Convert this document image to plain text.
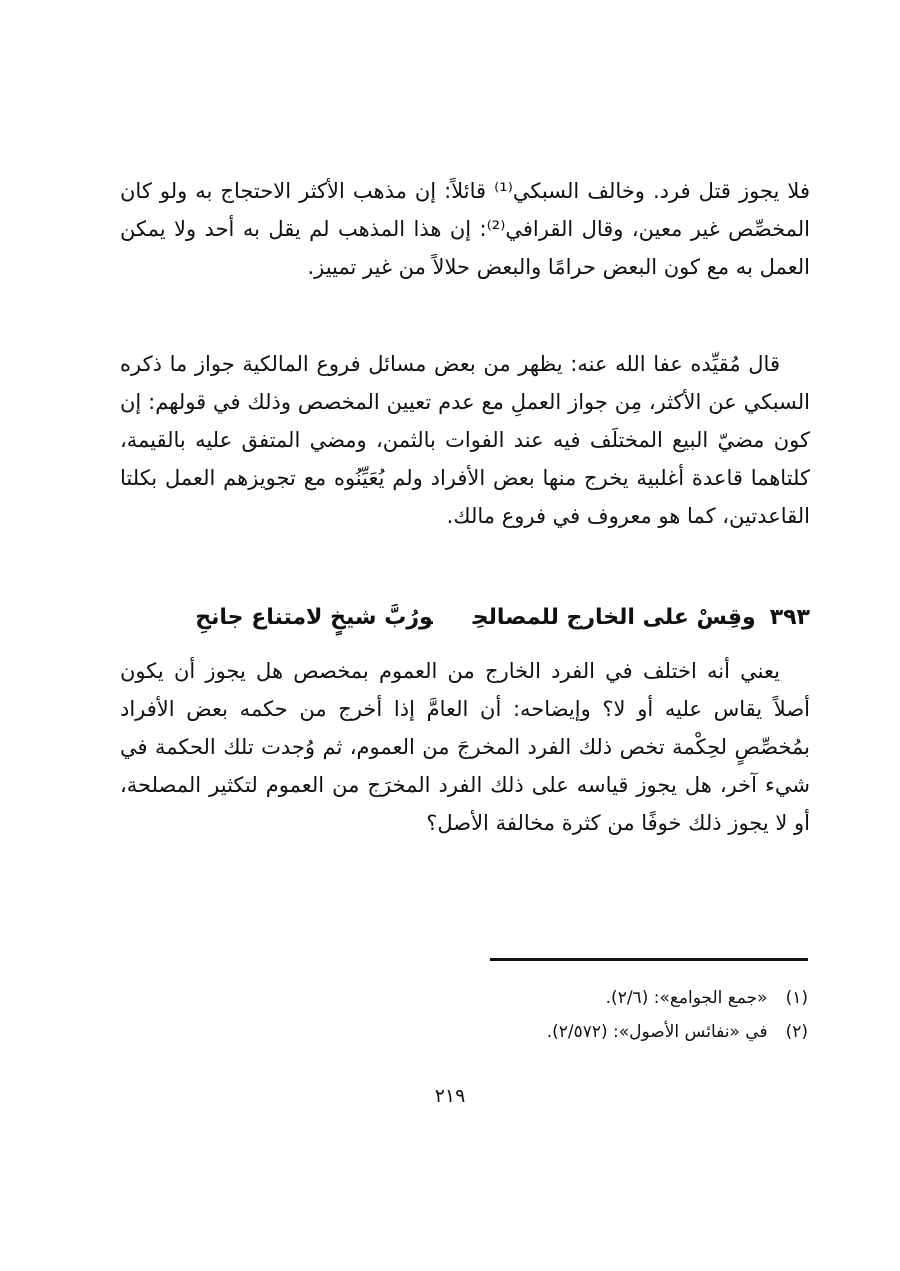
فلا يجوز قتل فرد. وخالف السبكي⁽¹⁾ قائلاً: إن مذهب الأكثر الاحتجاج به ولو كان المخصِّص غير معين، وقال القرافي⁽²⁾: إن هذا المذهب لم يقل به أحد ولا يمكن العمل به مع كون البعض حرامًا والبعض حلالاً من غير تمييز.
قال مُقيِّده عفا الله عنه: يظهر من بعض مسائل فروع المالكية جواز ما ذكره السبكي عن الأكثر، مِن جواز العملِ مع عدم تعيين المخصص وذلك في قولهم: إن كون مضيّ البيع المختلَف فيه عند الفوات بالثمن، ومضي المتفق عليه بالقيمة، كلتاهما قاعدة أغلبية يخرج منها بعض الأفراد ولم يُعَيِّنُوه مع تجويزهم العمل بكلتا القاعدتين، كما هو معروف في فروع مالك.
٣٩٣وقِسْ على الخارج للمصالحِورُبَّ شيخٍ لامتناع جانحِ
يعني أنه اختلف في الفرد الخارج من العموم بمخصص هل يجوز أن يكون أصلاً يقاس عليه أو لا؟ وإيضاحه: أن العامَّ إذا أخرج من حكمه بعض الأفراد بمُخصِّصٍ لحِكْمة تخص ذلك الفرد المخرجَ من العموم، ثم وُجدت تلك الحكمة في شيء آخر، هل يجوز قياسه على ذلك الفرد المخرَج من العموم لتكثير المصلحة، أو لا يجوز ذلك خوفًا من كثرة مخالفة الأصل؟
(١)«جمع الجوامع»: (٢/٦).
(٢)في «نفائس الأصول»: (٢/٥٧٢).
٢١٩
